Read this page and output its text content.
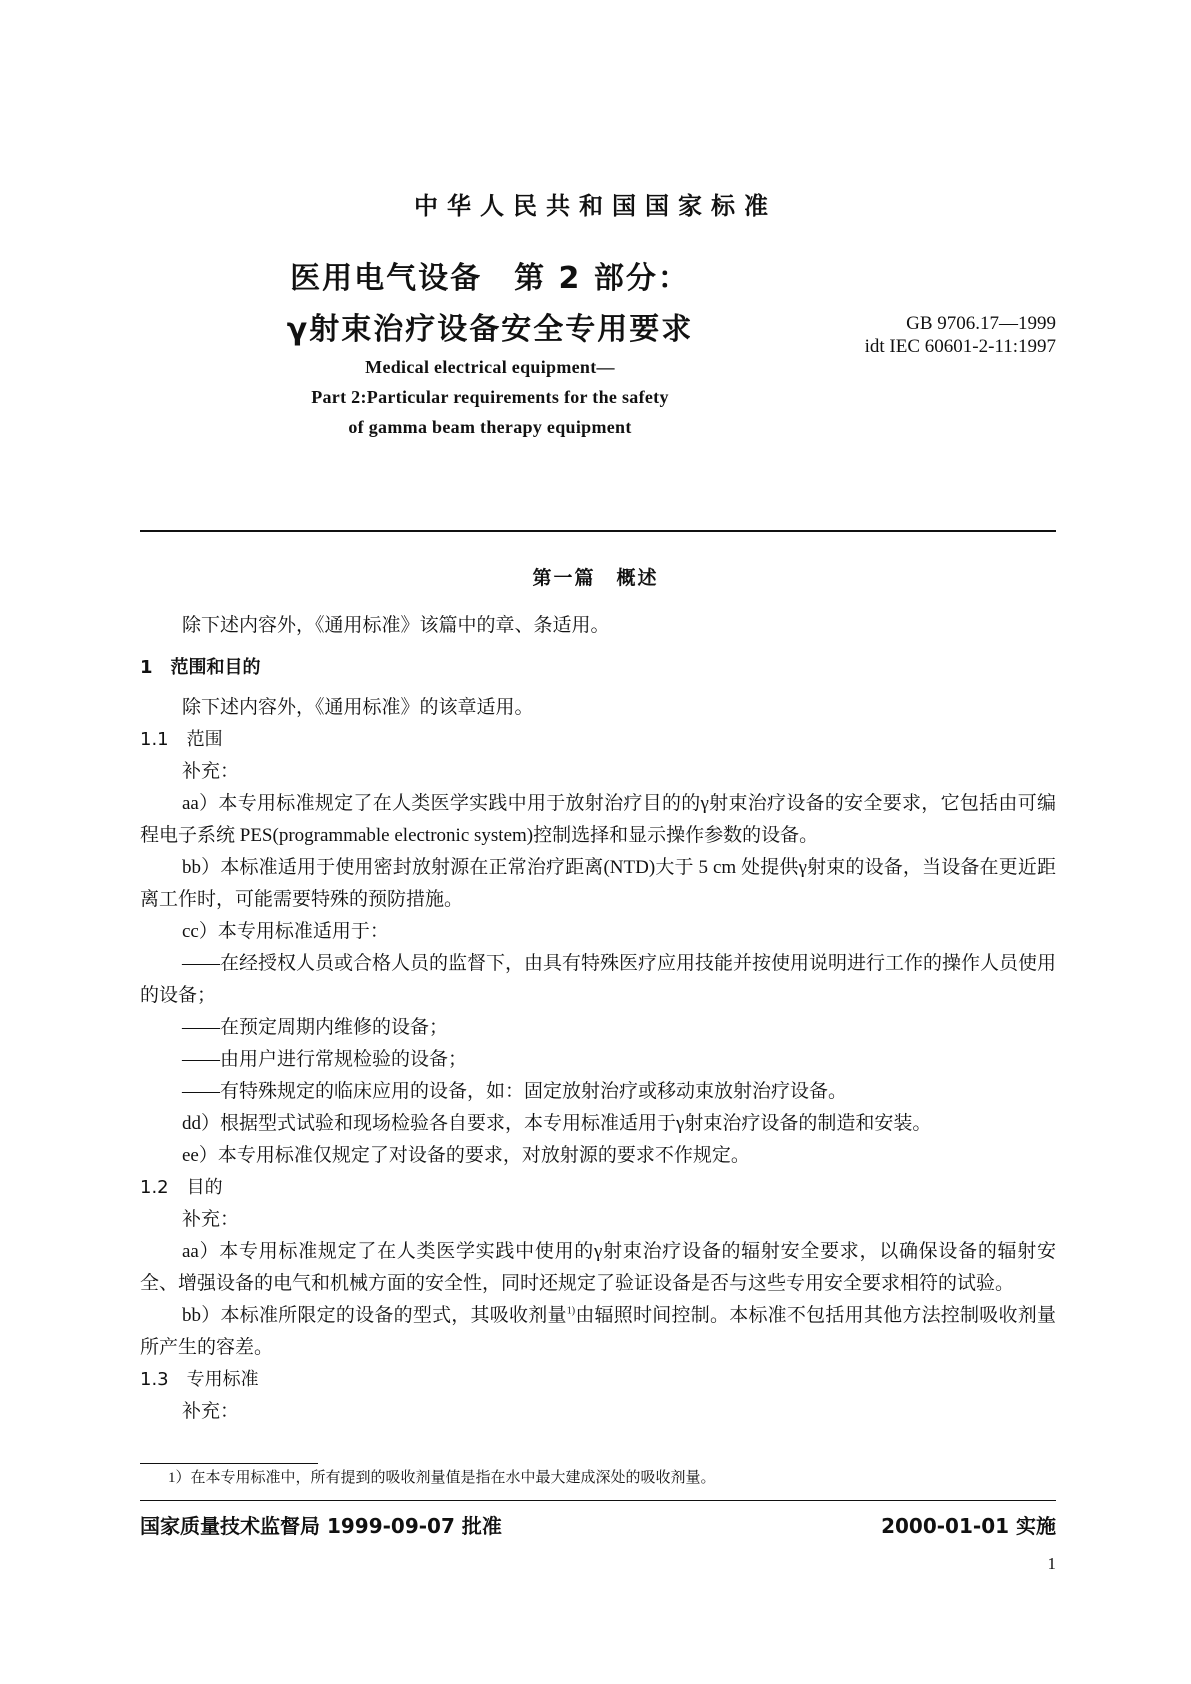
中华人民共和国国家标准
医用电气设备　第 2 部分：
γ射束治疗设备安全专用要求	GB 9706.17—1999
idt IEC 60601-2-11:1997
Medical electrical equipment—
Part 2:Particular requirements for the safety
of gamma beam therapy equipment
第一篇　概述

除下述内容外，《通用标准》该篇中的章、条适用。

1　范围和目的

除下述内容外，《通用标准》的该章适用。

1.1　范围

补充：

aa）本专用标准规定了在人类医学实践中用于放射治疗目的的γ射束治疗设备的安全要求，它包括由可编程电子系统 PES(programmable electronic system)控制选择和显示操作参数的设备。

bb）本标准适用于使用密封放射源在正常治疗距离(NTD)大于 5 cm 处提供γ射束的设备，当设备在更近距离工作时，可能需要特殊的预防措施。

cc）本专用标准适用于：

——在经授权人员或合格人员的监督下，由具有特殊医疗应用技能并按使用说明进行工作的操作人员使用的设备；

——在预定周期内维修的设备；

——由用户进行常规检验的设备；

——有特殊规定的临床应用的设备，如：固定放射治疗或移动束放射治疗设备。

dd）根据型式试验和现场检验各自要求，本专用标准适用于γ射束治疗设备的制造和安装。

ee）本专用标准仅规定了对设备的要求，对放射源的要求不作规定。

1.2　目的

补充：

aa）本专用标准规定了在人类医学实践中使用的γ射束治疗设备的辐射安全要求，以确保设备的辐射安全、增强设备的电气和机械方面的安全性，同时还规定了验证设备是否与这些专用安全要求相符的试验。

bb）本标准所限定的设备的型式，其吸收剂量$^{1)}$由辐照时间控制。本标准不包括用其他方法控制吸收剂量所产生的容差。

1.3　专用标准

补充：

1）在本专用标准中，所有提到的吸收剂量值是指在水中最大建成深处的吸收剂量。
国家质量技术监督局 1999-09-07 批准	2000-01-01 实施
1
